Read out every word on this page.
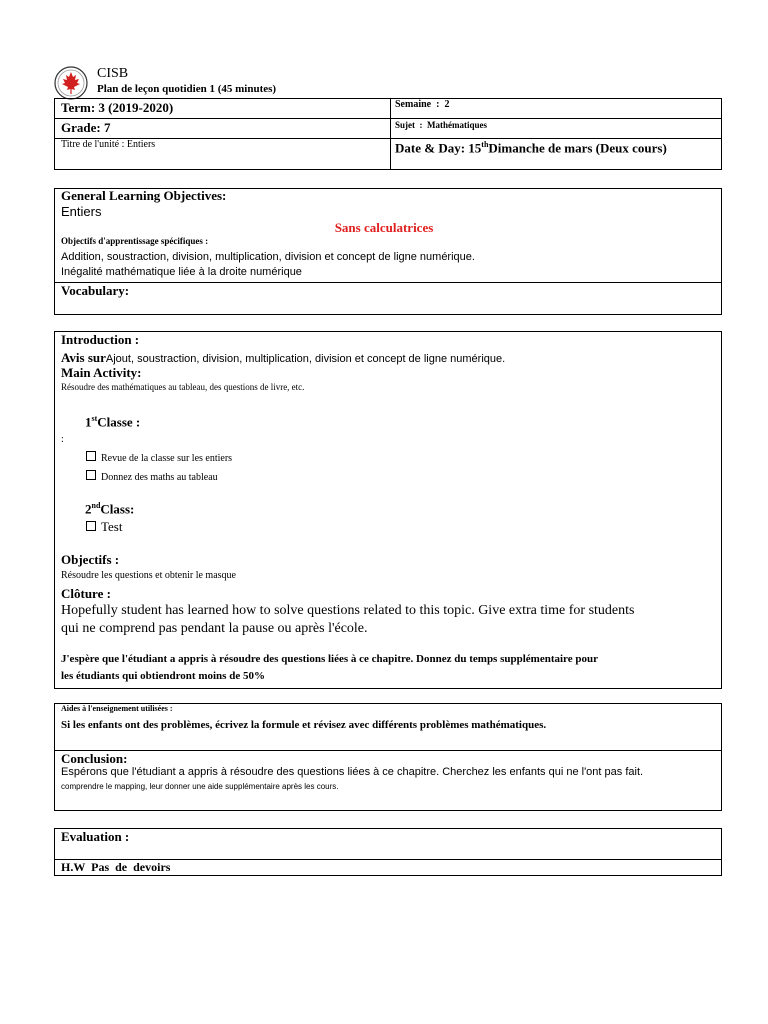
CISB
Plan de leçon quotidien 1 (45 minutes)
Term: 3 (2019-2020)	Semaine  :  2
Grade: 7	Sujet  :  Mathématiques
Titre de l'unité : Entiers	Date & Day: 15thDimanche de mars (Deux cours)
General Learning Objectives:
Entiers
Sans calculatrices
Objectifs d'apprentissage spécifiques :
Addition, soustraction, division, multiplication, division et concept de ligne numérique.
Inégalité mathématique liée à la droite numérique
Vocabulary:
Introduction :
Avis surAjout, soustraction, division, multiplication, division et concept de ligne numérique.
Main Activity:
Résoudre des mathématiques au tableau, des questions de livre, etc.
1stClasse :
:
Revue de la classe sur les entiers
Donnez des maths au tableau
2ndClass:
Test
Objectifs :
Résoudre les questions et obtenir le masque
Clôture :
Hopefully student has learned how to solve questions related to this topic. Give extra time for students
qui ne comprend pas pendant la pause ou après l'école.
J'espère que l'étudiant a appris à résoudre des questions liées à ce chapitre. Donnez du temps supplémentaire pour
les étudiants qui obtiendront moins de 50%
Aides à l'enseignement utilisées :
Si les enfants ont des problèmes, écrivez la formule et révisez avec différents problèmes mathématiques.
Conclusion:
Espérons que l'étudiant a appris à résoudre des questions liées à ce chapitre. Cherchez les enfants qui ne l'ont pas fait.
comprendre le mapping, leur donner une aide supplémentaire après les cours.
Evaluation :
H.W  Pas  de  devoirs
